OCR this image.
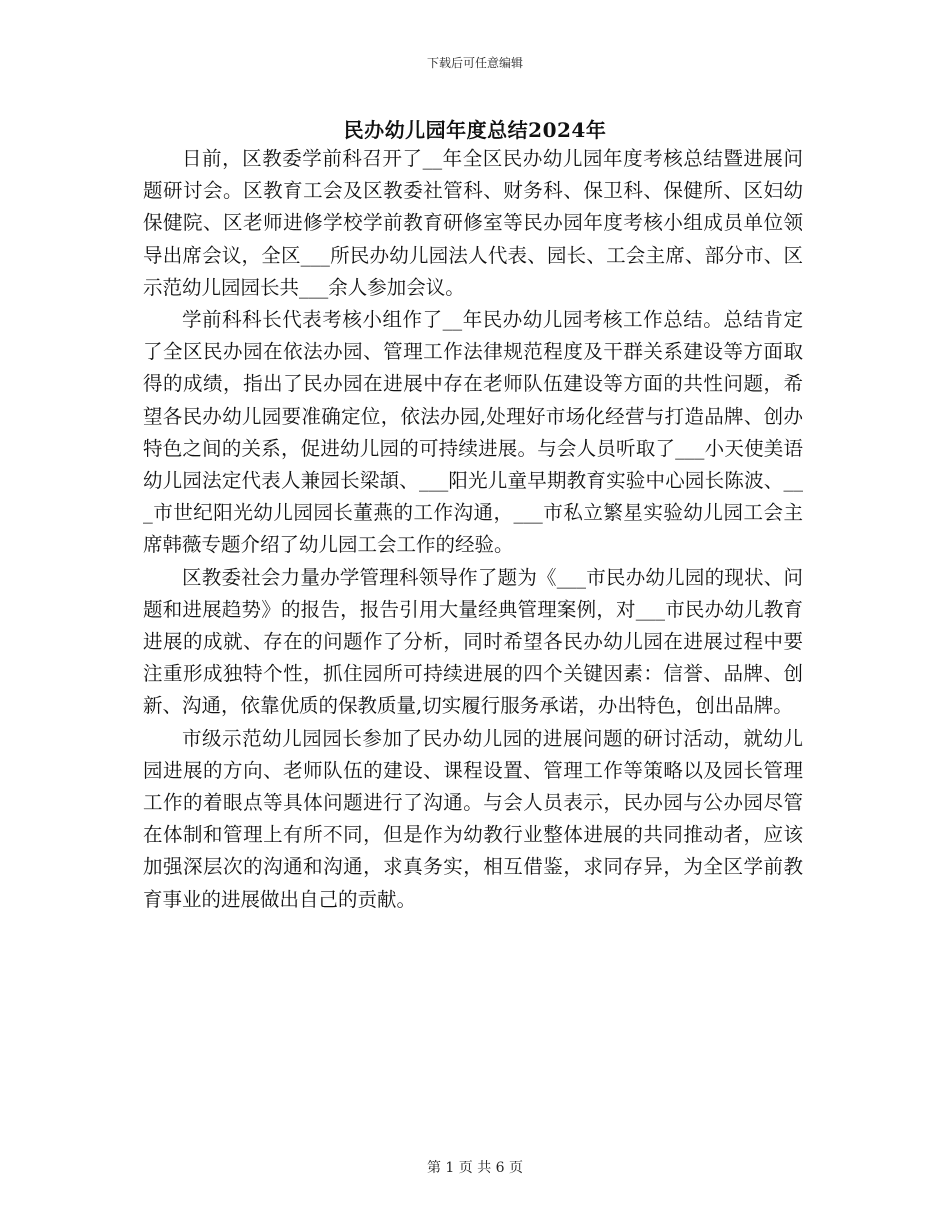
下载后可任意编辑
民办幼儿园年度总结2024年

日前，区教委学前科召开了__年全区民办幼儿园年度考核总结暨进展问题研讨会。区教育工会及区教委社管科、财务科、保卫科、保健所、区妇幼保健院、区老师进修学校学前教育研修室等民办园年度考核小组成员单位领导出席会议，全区___所民办幼儿园法人代表、园长、工会主席、部分市、区示范幼儿园园长共___余人参加会议。

学前科科长代表考核小组作了__年民办幼儿园考核工作总结。总结肯定了全区民办园在依法办园、管理工作法律规范程度及干群关系建设等方面取得的成绩，指出了民办园在进展中存在老师队伍建设等方面的共性问题，希望各民办幼儿园要准确定位，依法办园,处理好市场化经营与打造品牌、创办特色之间的关系，促进幼儿园的可持续进展。与会人员听取了___小天使美语幼儿园法定代表人兼园长梁頡、___阳光儿童早期教育实验中心园长陈波、___市世纪阳光幼儿园园长董燕的工作沟通，___市私立繁星实验幼儿园工会主席韩薇专题介绍了幼儿园工会工作的经验。

区教委社会力量办学管理科领导作了题为《___市民办幼儿园的现状、问题和进展趋势》的报告，报告引用大量经典管理案例，对___市民办幼儿教育进展的成就、存在的问题作了分析，同时希望各民办幼儿园在进展过程中要注重形成独特个性，抓住园所可持续进展的四个关键因素：信誉、品牌、创新、沟通，依靠优质的保教质量,切实履行服务承诺，办出特色，创出品牌。

市级示范幼儿园园长参加了民办幼儿园的进展问题的研讨活动，就幼儿园进展的方向、老师队伍的建设、课程设置、管理工作等策略以及园长管理工作的着眼点等具体问题进行了沟通。与会人员表示，民办园与公办园尽管在体制和管理上有所不同，但是作为幼教行业整体进展的共同推动者，应该加强深层次的沟通和沟通，求真务实，相互借鉴，求同存异，为全区学前教育事业的进展做出自己的贡献。

第 1 页 共 6 页
